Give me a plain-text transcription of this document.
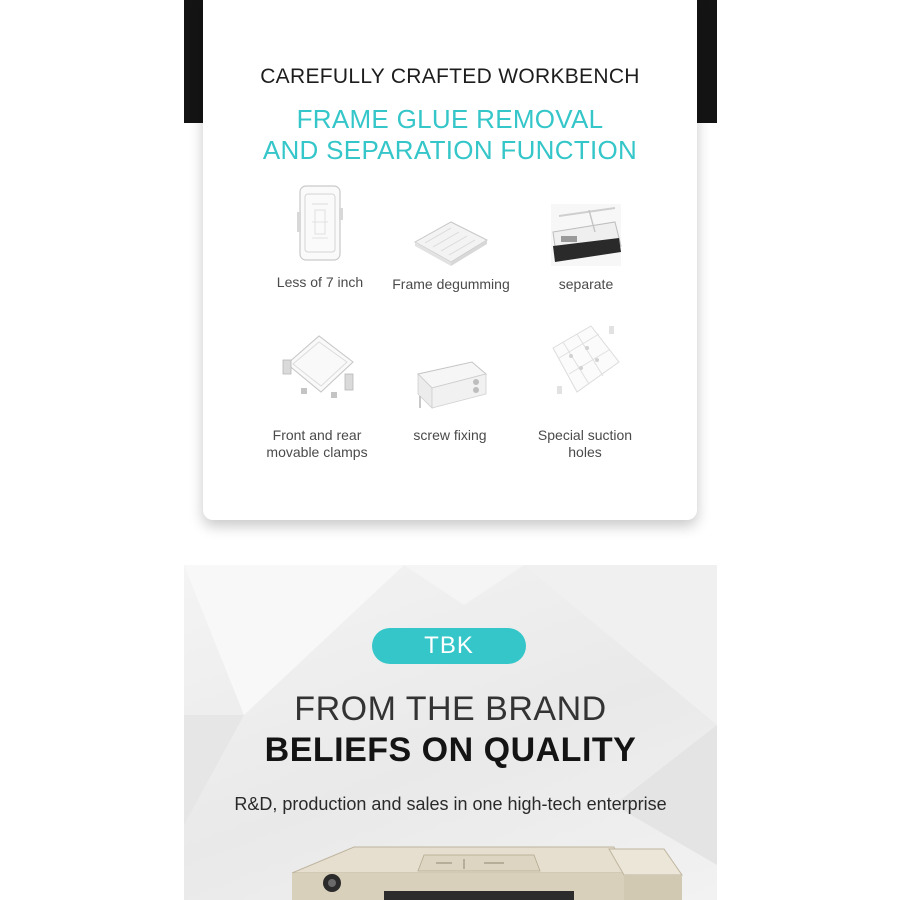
CAREFULLY CRAFTED WORKBENCH
FRAME GLUE REMOVAL
AND SEPARATION FUNCTION
Less of 7 inch	Frame degumming	separate
Front and rear
movable clamps
screw fixing	Special suction
holes
TBK
FROM THE BRAND
BELIEFS ON QUALITY
R&D, production and sales in one high-tech enterprise
